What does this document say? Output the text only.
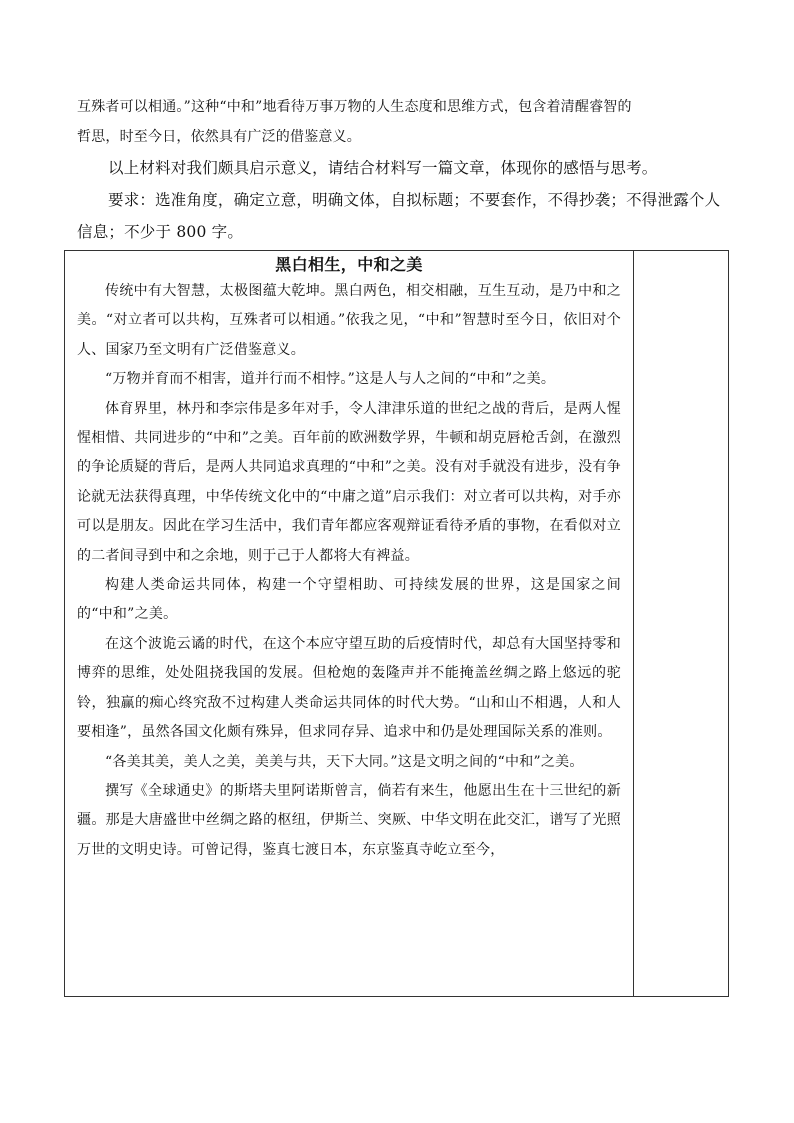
互殊者可以相通。”这种“中和”地看待万事万物的人生态度和思维方式，包含着清醒睿智的

哲思，时至今日，依然具有广泛的借鉴意义。

以上材料对我们颇具启示意义，请结合材料写一篇文章，体现你的感悟与思考。

要求：选准角度，确定立意，明确文体，自拟标题；不要套作，不得抄袭；不得泄露个人

信息；不少于 800 字。

黑白相生，中和之美

传统中有大智慧，太极图蕴大乾坤。黑白两色，相交相融，互生互动，是乃中和之美。“对立者可以共构，互殊者可以相通。”依我之见，“中和”智慧时至今日，依旧对个人、国家乃至文明有广泛借鉴意义。

“万物并育而不相害，道并行而不相悖。”这是人与人之间的“中和”之美。

体育界里，林丹和李宗伟是多年对手，令人津津乐道的世纪之战的背后，是两人惺惺相惜、共同进步的“中和”之美。百年前的欧洲数学界，牛顿和胡克唇枪舌剑，在激烈的争论质疑的背后，是两人共同追求真理的“中和”之美。没有对手就没有进步，没有争论就无法获得真理，中华传统文化中的“中庸之道”启示我们：对立者可以共构，对手亦可以是朋友。因此在学习生活中，我们青年都应客观辩证看待矛盾的事物，在看似对立的二者间寻到中和之余地，则于己于人都将大有裨益。

构建人类命运共同体，构建一个守望相助、可持续发展的世界，这是国家之间的“中和”之美。

在这个波诡云谲的时代，在这个本应守望互助的后疫情时代，却总有大国坚持零和博弈的思维，处处阻挠我国的发展。但枪炮的轰隆声并不能掩盖丝绸之路上悠远的驼铃，独赢的痴心终究敌不过构建人类命运共同体的时代大势。“山和山不相遇，人和人要相逢”，虽然各国文化颇有殊异，但求同存异、追求中和仍是处理国际关系的准则。

“各美其美，美人之美，美美与共，天下大同。”这是文明之间的“中和”之美。

撰写《全球通史》的斯塔夫里阿诺斯曾言，倘若有来生，他愿出生在十三世纪的新疆。那是大唐盛世中丝绸之路的枢纽，伊斯兰、突厥、中华文明在此交汇，谱写了光照万世的文明史诗。可曾记得，鉴真七渡日本，东京鉴真寺屹立至今，
